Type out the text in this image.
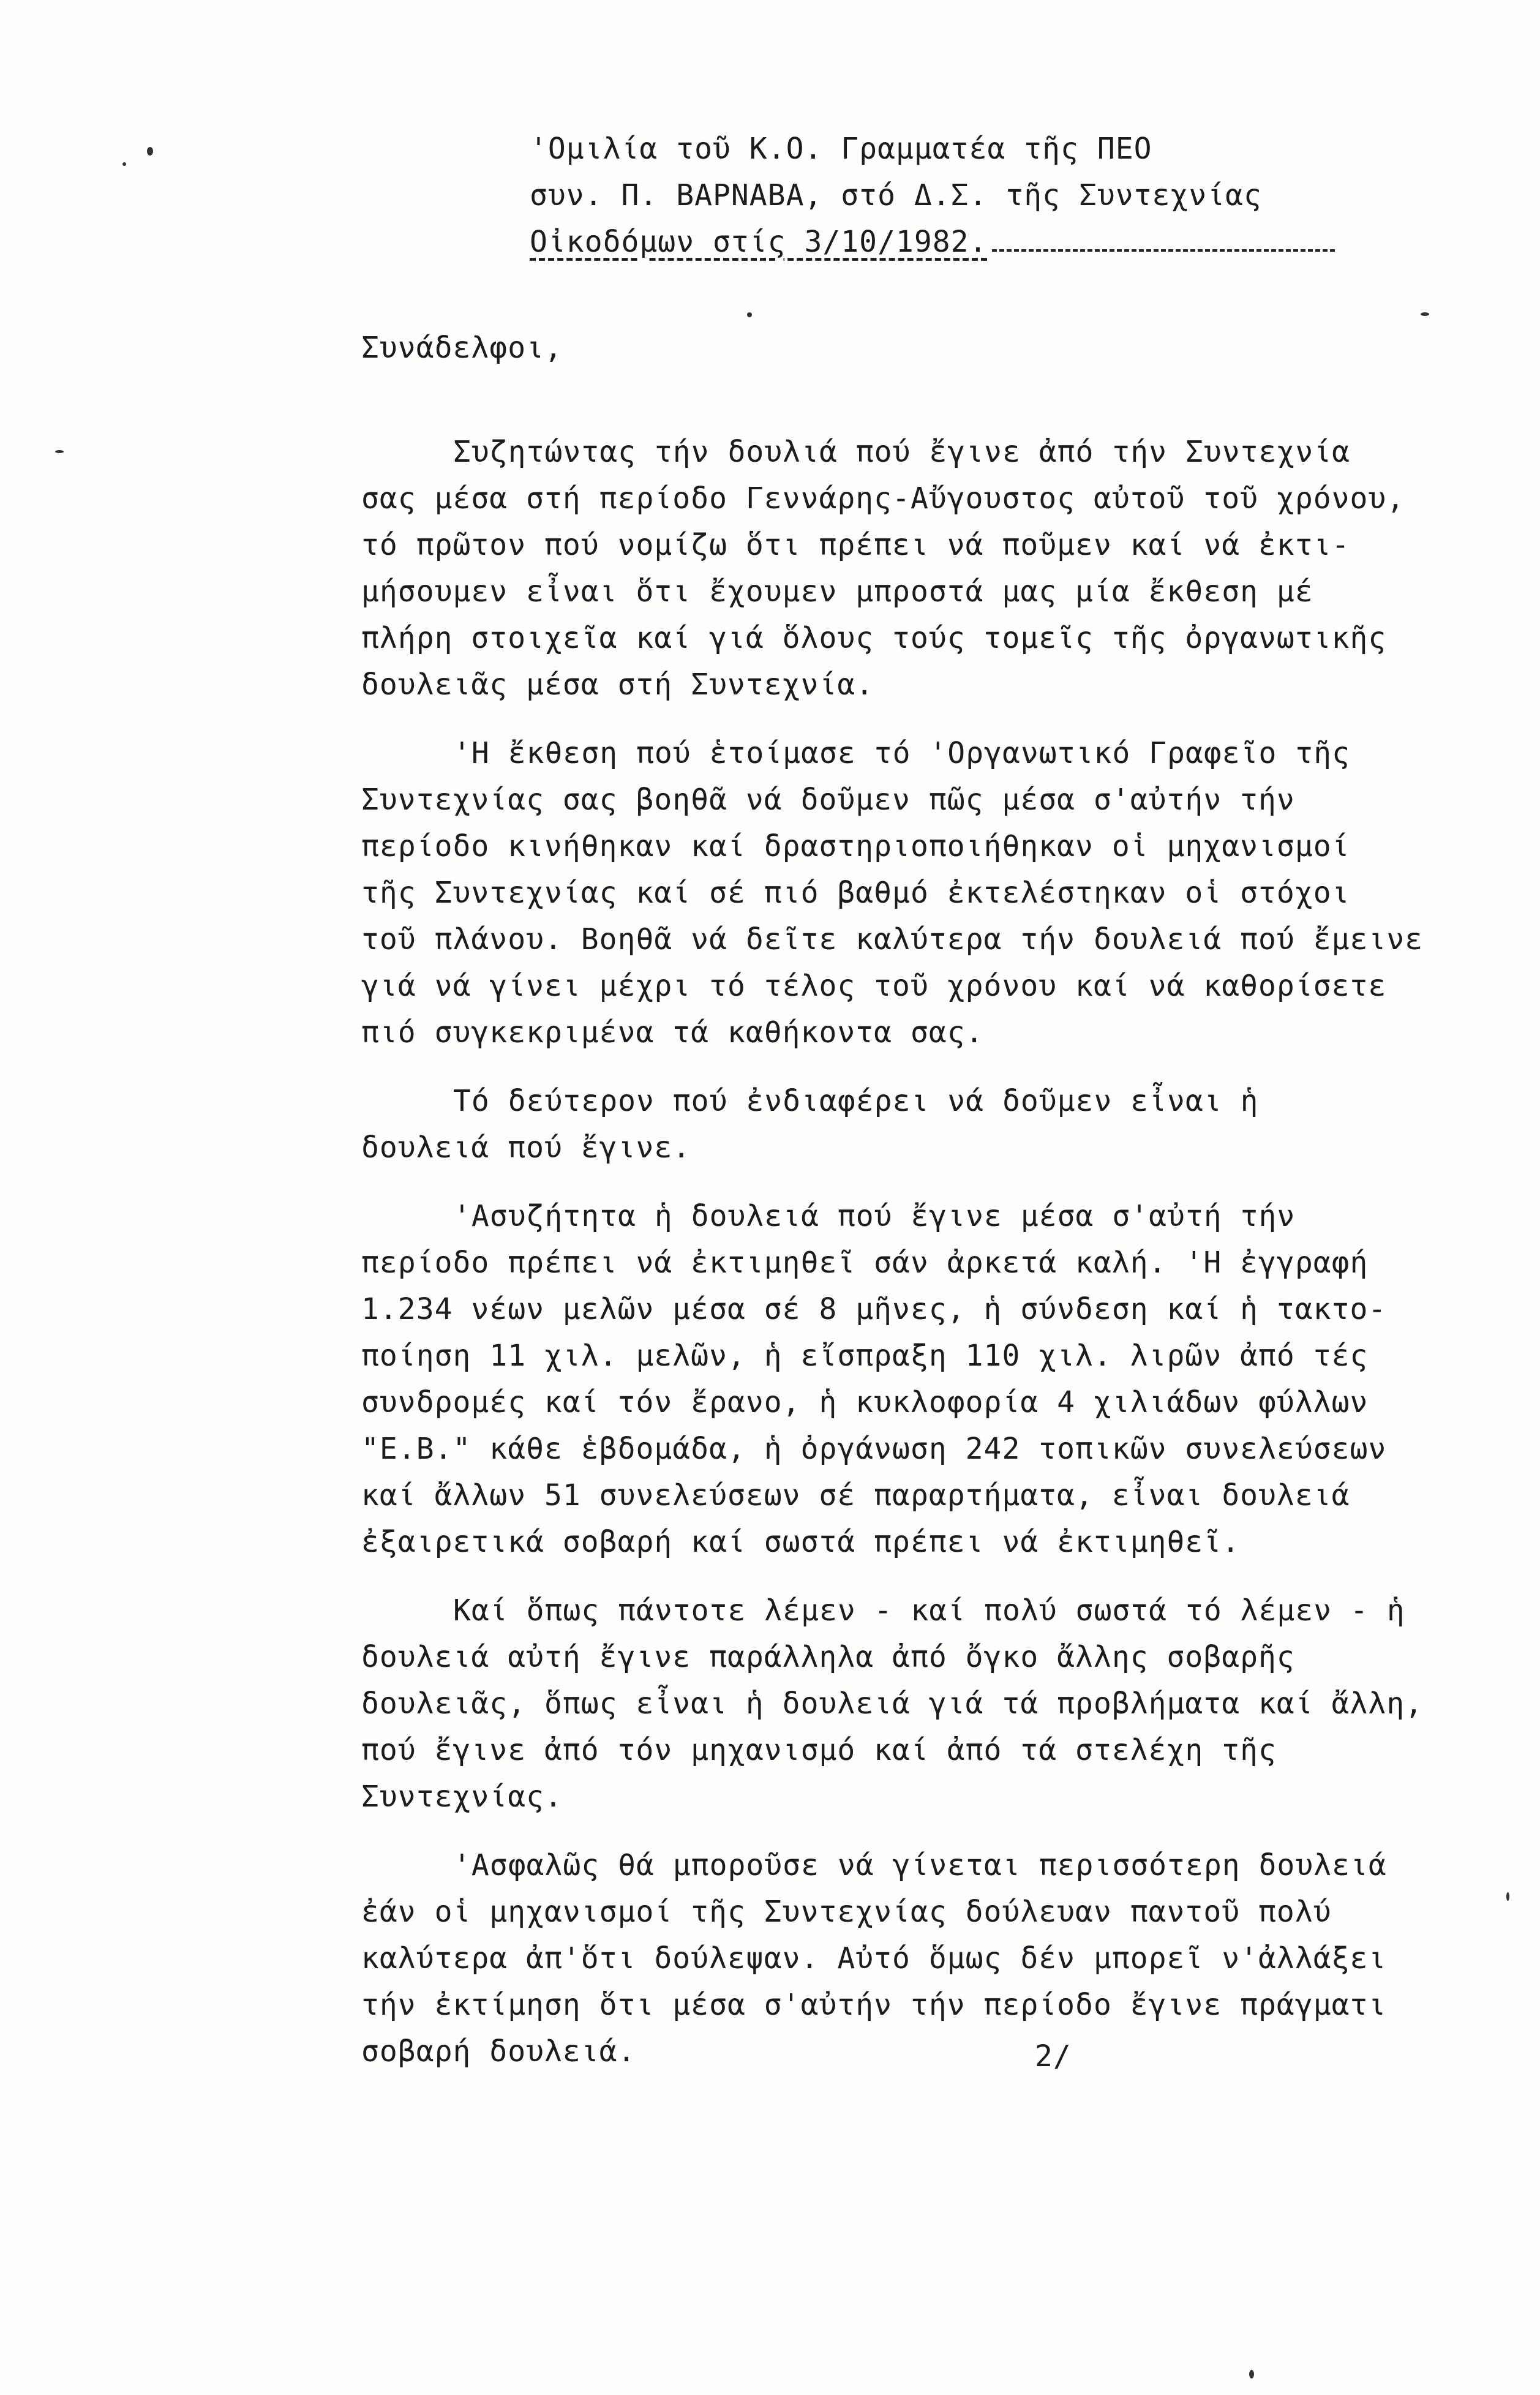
'Ομιλία τοῦ Κ.Ο. Γραμματέα τῆς ΠΕΟ
συν. Π. ΒΑΡΝΑΒΑ, στό Δ.Σ. τῆς Συντεχνίας
Οἰκοδόμων στίς 3/10/1982.
Συνάδελφοι,

Συζητώντας τήν δουλιά πού ἔγινε ἀπό τήν Συντεχνία
σας μέσα στή περίοδο Γεννάρης-Αὔγουστος αὐτοῦ τοῦ χρόνου,
τό πρῶτον πού νομίζω ὅτι πρέπει νά ποῦμεν καί νά ἐκτι-
μήσουμεν εἶναι ὅτι ἔχουμεν μπροστά μας μία ἔκθεση μέ
πλήρη στοιχεῖα καί γιά ὅλους τούς τομεῖς τῆς ὀργανωτικῆς
δουλειᾶς μέσα στή Συντεχνία.

'Η ἔκθεση πού ἑτοίμασε τό 'Οργανωτικό Γραφεῖο τῆς
Συντεχνίας σας βοηθᾶ νά δοῦμεν πῶς μέσα σ'αὐτήν τήν
περίοδο κινήθηκαν καί δραστηριοποιήθηκαν οἱ μηχανισμοί
τῆς Συντεχνίας καί σέ πιό βαθμό ἐκτελέστηκαν οἱ στόχοι
τοῦ πλάνου. Βοηθᾶ νά δεῖτε καλύτερα τήν δουλειά πού ἔμεινε
γιά νά γίνει μέχρι τό τέλος τοῦ χρόνου καί νά καθορίσετε
πιό συγκεκριμένα τά καθήκοντα σας.

Τό δεύτερον πού ἐνδιαφέρει νά δοῦμεν εἶναι ἡ
δουλειά πού ἔγινε.

'Ασυζήτητα ἡ δουλειά πού ἔγινε μέσα σ'αὐτή τήν
περίοδο πρέπει νά ἐκτιμηθεῖ σάν ἀρκετά καλή. 'Η ἐγγραφή
1.234 νέων μελῶν μέσα σέ 8 μῆνες, ἡ σύνδεση καί ἡ τακτο-
ποίηση 11 χιλ. μελῶν, ἡ εἴσπραξη 110 χιλ. λιρῶν ἀπό τές
συνδρομές καί τόν ἔρανο, ἡ κυκλοφορία 4 χιλιάδων φύλλων
"Ε.Β." κάθε ἑβδομάδα, ἡ ὀργάνωση 242 τοπικῶν συνελεύσεων
καί ἄλλων 51 συνελεύσεων σέ παραρτήματα, εἶναι δουλειά
ἐξαιρετικά σοβαρή καί σωστά πρέπει νά ἐκτιμηθεῖ.

Καί ὅπως πάντοτε λέμεν - καί πολύ σωστά τό λέμεν - ἡ
δουλειά αὐτή ἔγινε παράλληλα ἀπό ὄγκο ἄλλης σοβαρῆς
δουλειᾶς, ὅπως εἶναι ἡ δουλειά γιά τά προβλήματα καί ἄλλη,
πού ἔγινε ἀπό τόν μηχανισμό καί ἀπό τά στελέχη τῆς
Συντεχνίας.

'Ασφαλῶς θά μποροῦσε νά γίνεται περισσότερη δουλειά
ἐάν οἱ μηχανισμοί τῆς Συντεχνίας δούλευαν παντοῦ πολύ
καλύτερα ἀπ'ὅτι δούλεψαν. Αὐτό ὅμως δέν μπορεῖ ν'ἀλλάξει
τήν ἐκτίμηση ὅτι μέσα σ'αὐτήν τήν περίοδο ἔγινε πράγματι
σοβαρή δουλειά.	2/
